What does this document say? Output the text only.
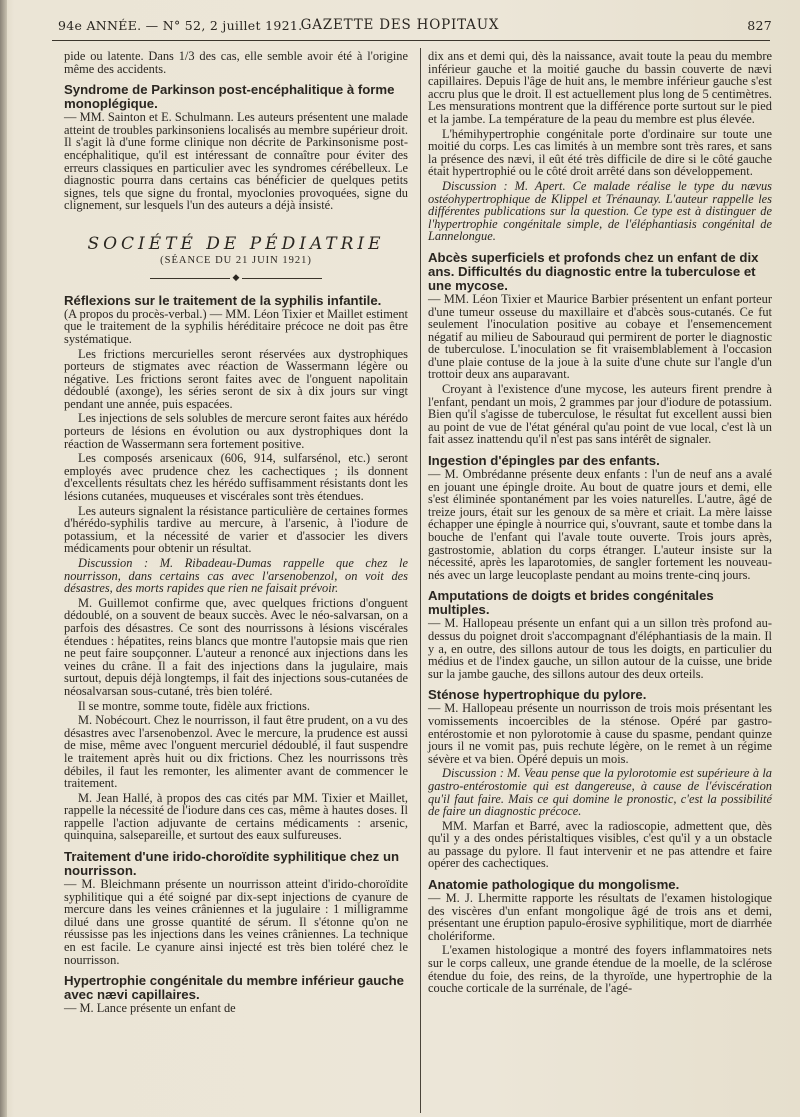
94e ANNÉE. — N° 52, 2 juillet 1921.
GAZETTE DES HOPITAUX	827

pide ou latente. Dans 1/3 des cas, elle semble avoir été à l'origine même des accidents.

Syndrome de Parkinson post-encéphalitique à forme monoplégique.

— MM. Sainton et E. Schulmann. Les auteurs présentent une malade atteint de troubles parkinsoniens localisés au membre supérieur droit. Il s'agit là d'une forme clinique non décrite de Parkinsonisme post-encéphalitique, qu'il est intéressant de connaître pour éviter des erreurs classiques en particulier avec les syndromes cérébelleux. Le diagnostic pourra dans certains cas bénéficier de quelques petits signes, tels que signe du frontal, myoclonies provoquées, signe du clignement, sur lesquels l'un des auteurs a déjà insisté.

SOCIÉTÉ DE PÉDIATRIE
(SÉANCE DU 21 JUIN 1921)
◆
Réflexions sur le traitement de la syphilis infantile.

(A propos du procès-verbal.) — MM. Léon Tixier et Maillet estiment que le traitement de la syphilis héréditaire précoce ne doit pas être systématique.

Les frictions mercurielles seront réservées aux dystrophiques porteurs de stigmates avec réaction de Wassermann légère ou négative. Les frictions seront faites avec de l'onguent napolitain dédoublé (axonge), les séries seront de six à dix jours sur vingt pendant une année, puis espacées.

Les injections de sels solubles de mercure seront faites aux hérédo porteurs de lésions en évolution ou aux dystrophiques dont la réaction de Wassermann sera fortement positive.

Les composés arsenicaux (606, 914, sulfarsénol, etc.) seront employés avec prudence chez les cachectiques ; ils donnent d'excellents résultats chez les hérédo suffisamment résistants dont les lésions cutanées, muqueuses et viscérales sont très étendues.

Les auteurs signalent la résistance particulière de certaines formes d'hérédo-syphilis tardive au mercure, à l'arsenic, à l'iodure de potassium, et la nécessité de varier et d'associer les divers médicaments pour obtenir un résultat.

Discussion : M. Ribadeau-Dumas rappelle que chez le nourrisson, dans certains cas avec l'arsenobenzol, on voit des désastres, des morts rapides que rien ne faisait prévoir.

M. Guillemot confirme que, avec quelques frictions d'onguent dédoublé, on a souvent de beaux succès. Avec le néo-salvarsan, on a parfois des désastres. Ce sont des nourrissons à lésions viscérales étendues : hépatites, reins blancs que montre l'autopsie mais que rien ne peut faire soupçonner. L'auteur a renoncé aux injections dans les veines du crâne. Il a fait des injections dans la jugulaire, mais surtout, depuis déjà longtemps, il fait des injections sous-cutanées de néosalvarsan sous-cutané, très bien toléré.

Il se montre, somme toute, fidèle aux frictions.

M. Nobécourt. Chez le nourrisson, il faut être prudent, on a vu des désastres avec l'arsenobenzol. Avec le mercure, la prudence est aussi de mise, même avec l'onguent mercuriel dédoublé, il faut suspendre le traitement après huit ou dix frictions. Chez les nourrissons très débiles, il faut les remonter, les alimenter avant de commencer le traitement.

M. Jean Hallé, à propos des cas cités par MM. Tixier et Maillet, rappelle la nécessité de l'iodure dans ces cas, même à hautes doses. Il rappelle l'action adjuvante de certains médicaments : arsenic, quinquina, salsepareille, et surtout des eaux sulfureuses.

Traitement d'une irido-choroïdite syphilitique chez un nourrisson.

— M. Bleichmann présente un nourrisson atteint d'irido-choroïdite syphilitique qui a été soigné par dix-sept injections de cyanure de mercure dans les veines crâniennes et la jugulaire : 1 milligramme dilué dans une grosse quantité de sérum. Il s'étonne qu'on ne réussisse pas les injections dans les veines crâniennes. La technique en est facile. Le cyanure ainsi injecté est très bien toléré chez le nourrisson.

Hypertrophie congénitale du membre inférieur gauche avec nævi capillaires.

— M. Lance présente un enfant de

dix ans et demi qui, dès la naissance, avait toute la peau du membre inférieur gauche et la moitié gauche du bassin couverte de nævi capillaires. Depuis l'âge de huit ans, le membre inférieur gauche s'est accru plus que le droit. Il est actuellement plus long de 5 centimètres. Les mensurations montrent que la différence porte surtout sur le pied et la jambe. La température de la peau du membre est plus élevée.

L'hémihypertrophie congénitale porte d'ordinaire sur toute une moitié du corps. Les cas limités à un membre sont très rares, et sans la présence des nævi, il eût été très difficile de dire si le côté gauche était hypertrophié ou le côté droit arrêté dans son développement.

Discussion : M. Apert. Ce malade réalise le type du nævus ostéohypertrophique de Klippel et Trénaunay. L'auteur rappelle les différentes publications sur la question. Ce type est à distinguer de l'hypertrophie congénitale simple, de l'éléphantiasis congénital de Lannelongue.

Abcès superficiels et profonds chez un enfant de dix ans. Difficultés du diagnostic entre la tuberculose et une mycose.

— MM. Léon Tixier et Maurice Barbier présentent un enfant porteur d'une tumeur osseuse du maxillaire et d'abcès sous-cutanés. Ce fut seulement l'inoculation positive au cobaye et l'ensemencement négatif au milieu de Sabouraud qui permirent de porter le diagnostic de tuberculose. L'inoculation se fit vraisemblablement à l'occasion d'une plaie contuse de la joue à la suite d'une chute sur l'angle d'un trottoir deux ans auparavant.

Croyant à l'existence d'une mycose, les auteurs firent prendre à l'enfant, pendant un mois, 2 grammes par jour d'iodure de potassium. Bien qu'il s'agisse de tuberculose, le résultat fut excellent aussi bien au point de vue de l'état général qu'au point de vue local, c'est là un fait assez inattendu qu'il n'est pas sans intérêt de signaler.

Ingestion d'épingles par des enfants.

— M. Ombrédanne présente deux enfants : l'un de neuf ans a avalé en jouant une épingle droite. Au bout de quatre jours et demi, elle s'est éliminée spontanément par les voies naturelles. L'autre, âgé de treize jours, était sur les genoux de sa mère et criait. La mère laisse échapper une épingle à nourrice qui, s'ouvrant, saute et tombe dans la bouche de l'enfant qui l'avale toute ouverte. Trois jours après, gastrostomie, ablation du corps étranger. L'auteur insiste sur la nécessité, après les laparotomies, de sangler fortement les nouveau-nés avec un large leucoplaste pendant au moins trente-cinq jours.

Amputations de doigts et brides congénitales multiples.

— M. Hallopeau présente un enfant qui a un sillon très profond au-dessus du poignet droit s'accompagnant d'éléphantiasis de la main. Il y a, en outre, des sillons autour de tous les doigts, en particulier du médius et de l'index gauche, un sillon autour de la cuisse, une bride sur la jambe gauche, des sillons autour des deux orteils.

Sténose hypertrophique du pylore.

— M. Hallopeau présente un nourrisson de trois mois présentant les vomissements incoercibles de la sténose. Opéré par gastro-entérostomie et non pylorotomie à cause du spasme, pendant quinze jours il ne vomit pas, puis rechute légère, on le remet à un régime sévère et va bien. Opéré depuis un mois.

Discussion : M. Veau pense que la pylorotomie est supérieure à la gastro-entérostomie qui est dangereuse, à cause de l'éviscération qu'il faut faire. Mais ce qui domine le pronostic, c'est la possibilité de faire un diagnostic précoce.

MM. Marfan et Barré, avec la radioscopie, admettent que, dès qu'il y a des ondes péristaltiques visibles, c'est qu'il y a un obstacle au passage du pylore. Il faut intervenir et ne pas attendre et faire opérer des cachectiques.

Anatomie pathologique du mongolisme.

— M. J. Lhermitte rapporte les résultats de l'examen histologique des viscères d'un enfant mongolique âgé de trois ans et demi, présentant une éruption papulo-érosive syphilitique, mort de diarrhée cholériforme.

L'examen histologique a montré des foyers inflammatoires nets sur le corps calleux, une grande étendue de la moelle, de la sclérose étendue du foie, des reins, de la thyroïde, une hypertrophie de la couche corticale de la surrénale, de l'agé-
